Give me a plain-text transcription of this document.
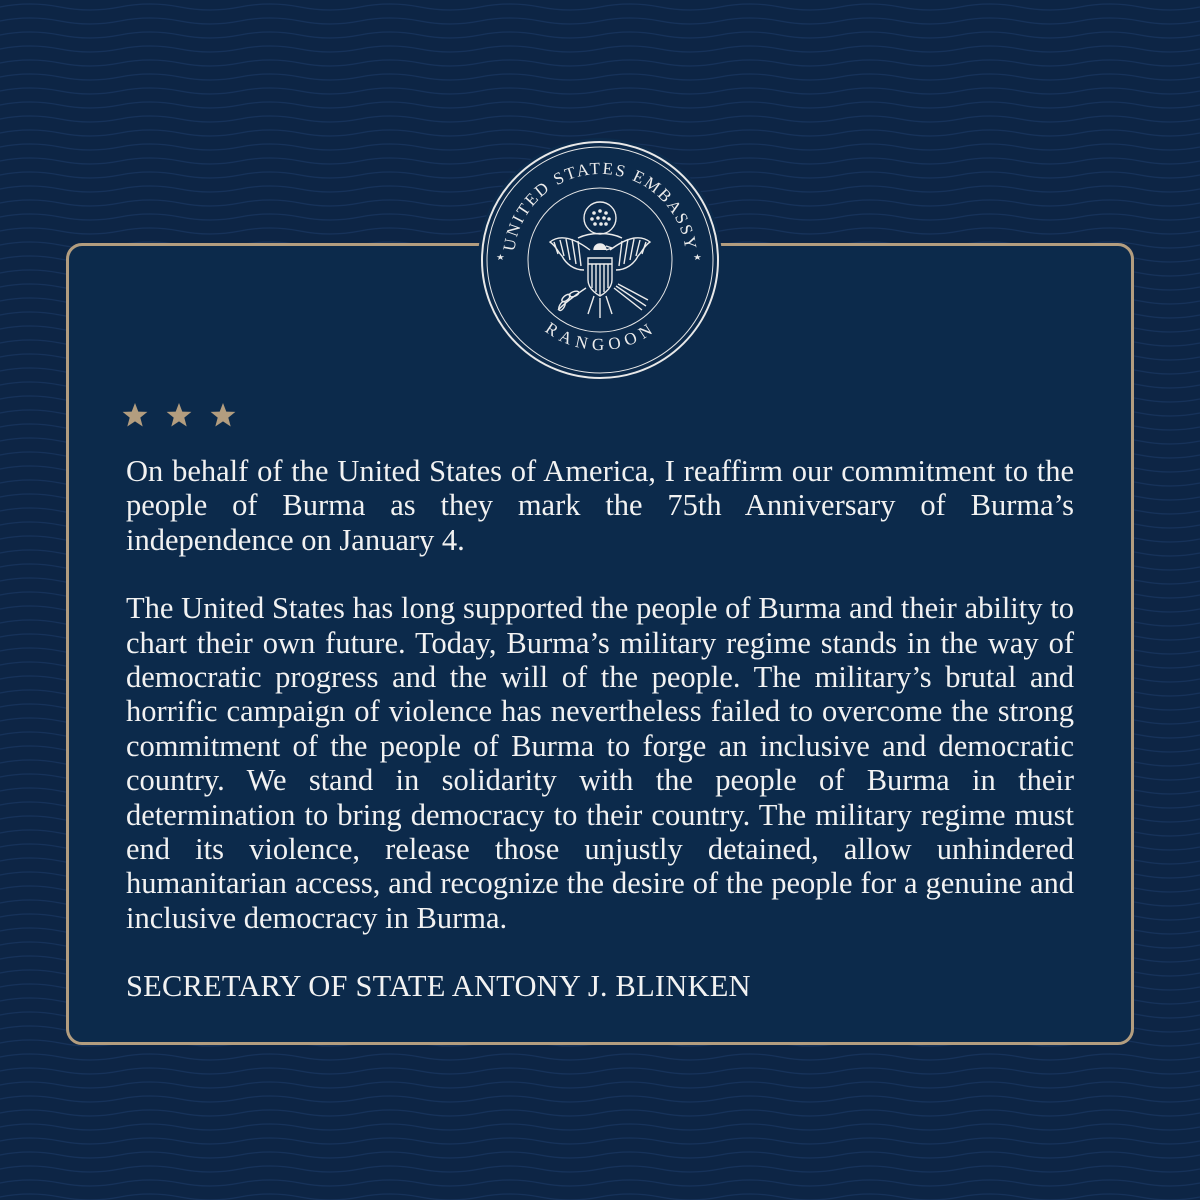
UNITED STATES EMBASSY
RANGOON

On behalf of the United States of America, I reaffirm our commitment to the people of Burma as they mark the 75th Anniversary of Burma’s independence on January 4.

The United States has long supported the people of Burma and their ability to chart their own future. Today, Burma’s military regime stands in the way of democratic progress and the will of the people. The military’s brutal and horrific campaign of violence has nevertheless failed to overcome the strong commitment of the people of Burma to forge an inclusive and democratic country. We stand in solidarity with the people of Burma in their determination to bring democracy to their country. The military regime must end its violence, release those unjustly detained, allow unhindered humanitarian access, and recognize the desire of the people for a genuine and inclusive democracy in Burma.

SECRETARY OF STATE ANTONY J. BLINKEN
